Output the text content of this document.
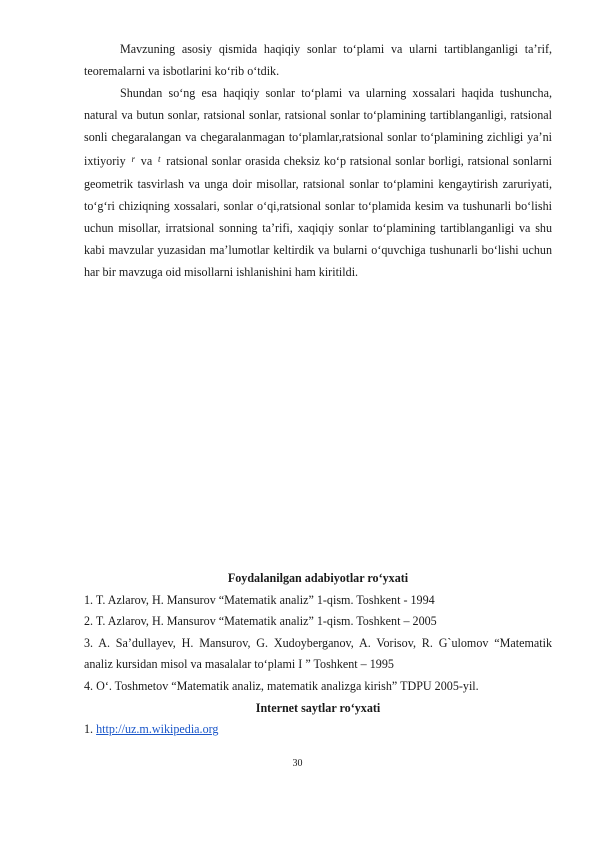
Mavzuning asosiy qismida haqiqiy sonlar to‘plami va ularni tartiblanganligi ta’rif, teoremalarni va isbotlarini ko‘rib o‘tdik.

Shundan so‘ng esa haqiqiy sonlar to‘plami va ularning xossalari haqida tushuncha, natural va butun sonlar, ratsional sonlar, ratsional sonlar to‘plamining tartiblanganligi, ratsional sonli chegaralangan va chegaralanmagan to‘plamlar,ratsional sonlar to‘plamining zichligi ya’ni ixtiyoriy $^r$ va $^t$ ratsional sonlar orasida cheksiz ko‘p ratsional sonlar borligi, ratsional sonlarni geometrik tasvirlash va unga doir misollar, ratsional sonlar to‘plamini kengaytirish zaruriyati, to‘g‘ri chiziqning xossalari, sonlar o‘qi,ratsional sonlar to‘plamida kesim va tushunarli bo‘lishi uchun misollar, irratsional sonning ta’rifi, xaqiqiy sonlar to‘plamining tartiblanganligi va shu kabi mavzular yuzasidan ma’lumotlar keltirdik va bularni o‘quvchiga tushunarli bo‘lishi uchun har bir mavzuga oid misollarni ishlanishini ham kiritildi.

Foydalanilgan adabiyotlar ro‘yxati

1. T. Azlarov, H. Mansurov “Matematik analiz” 1-qism. Toshkent - 1994

2. T. Azlarov, H. Mansurov “Matematik analiz” 1-qism. Toshkent – 2005

3. A. Sa’dullayev, H. Mansurov, G. Xudoyberganov, A. Vorisov, R. G`ulomov “Matematik analiz kursidan misol va masalalar to‘plami I ” Toshkent – 1995

4. O‘. Toshmetov “Matematik analiz, matematik analizga kirish” TDPU 2005-yil.

Internet saytlar ro‘yxati

1. http://uz.m.wikipedia.org

30
